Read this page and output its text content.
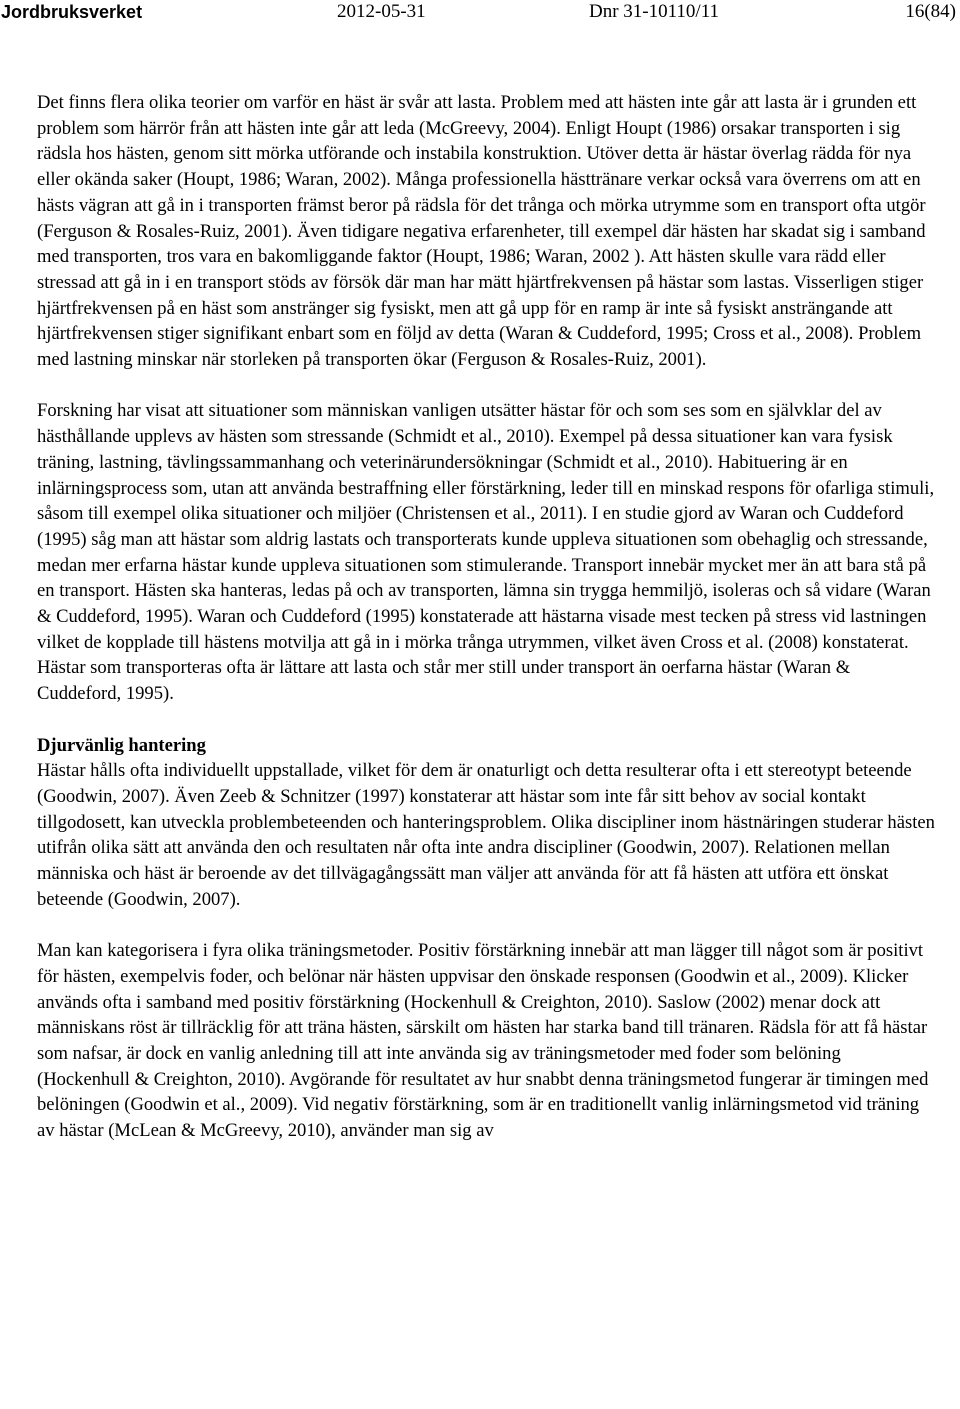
Jordbruksverket	2012-05-31	Dnr 31-10110/11	16(84)

Det finns flera olika teorier om varför en häst är svår att lasta. Problem med att hästen inte går att lasta är i grunden ett problem som härrör från att hästen inte går att leda (McGreevy, 2004). Enligt Houpt (1986) orsakar transporten i sig rädsla hos hästen, genom sitt mörka utförande och instabila konstruktion. Utöver detta är hästar överlag rädda för nya eller okända saker (Houpt, 1986; Waran, 2002). Många professionella hästtränare verkar också vara överrens om att en hästs vägran att gå in i transporten främst beror på rädsla för det trånga och mörka utrymme som en transport ofta utgör (Ferguson & Rosales-Ruiz, 2001). Även tidigare negativa erfarenheter, till exempel där hästen har skadat sig i samband med transporten, tros vara en bakomliggande faktor (Houpt, 1986; Waran, 2002 ). Att hästen skulle vara rädd eller stressad att gå in i en transport stöds av försök där man har mätt hjärtfrekvensen på hästar som lastas. Visserligen stiger hjärtfrekvensen på en häst som anstränger sig fysiskt, men att gå upp för en ramp är inte så fysiskt ansträngande att hjärtfrekvensen stiger signifikant enbart som en följd av detta (Waran & Cuddeford, 1995; Cross et al., 2008). Problem med lastning minskar när storleken på transporten ökar (Ferguson & Rosales-Ruiz, 2001).

Forskning har visat att situationer som människan vanligen utsätter hästar för och som ses som en självklar del av hästhållande upplevs av hästen som stressande (Schmidt et al., 2010). Exempel på dessa situationer kan vara fysisk träning, lastning, tävlingssammanhang och veterinärundersökningar (Schmidt et al., 2010). Habituering är en inlärningsprocess som, utan att använda bestraffning eller förstärkning, leder till en minskad respons för ofarliga stimuli, såsom till exempel olika situationer och miljöer (Christensen et al., 2011). I en studie gjord av Waran och Cuddeford (1995) såg man att hästar som aldrig lastats och transporterats kunde uppleva situationen som obehaglig och stressande, medan mer erfarna hästar kunde uppleva situationen som stimulerande. Transport innebär mycket mer än att bara stå på en transport. Hästen ska hanteras, ledas på och av transporten, lämna sin trygga hemmiljö, isoleras och så vidare (Waran & Cuddeford, 1995). Waran och Cuddeford (1995) konstaterade att hästarna visade mest tecken på stress vid lastningen vilket de kopplade till hästens motvilja att gå in i mörka trånga utrymmen, vilket även Cross et al. (2008) konstaterat. Hästar som transporteras ofta är lättare att lasta och står mer still under transport än oerfarna hästar (Waran & Cuddeford, 1995).

Djurvänlig hantering

Hästar hålls ofta individuellt uppstallade, vilket för dem är onaturligt och detta resulterar ofta i ett stereotypt beteende (Goodwin, 2007). Även Zeeb & Schnitzer (1997) konstaterar att hästar som inte får sitt behov av social kontakt tillgodosett, kan utveckla problembeteenden och hanteringsproblem. Olika discipliner inom hästnäringen studerar hästen utifrån olika sätt att använda den och resultaten når ofta inte andra discipliner (Goodwin, 2007). Relationen mellan människa och häst är beroende av det tillvägagångssätt man väljer att använda för att få hästen att utföra ett önskat beteende (Goodwin, 2007).

Man kan kategorisera i fyra olika träningsmetoder. Positiv förstärkning innebär att man lägger till något som är positivt för hästen, exempelvis foder, och belönar när hästen uppvisar den önskade responsen (Goodwin et al., 2009). Klicker används ofta i samband med positiv förstärkning (Hockenhull & Creighton, 2010). Saslow (2002) menar dock att människans röst är tillräcklig för att träna hästen, särskilt om hästen har starka band till tränaren. Rädsla för att få hästar som nafsar, är dock en vanlig anledning till att inte använda sig av träningsmetoder med foder som belöning (Hockenhull & Creighton, 2010). Avgörande för resultatet av hur snabbt denna träningsmetod fungerar är timingen med belöningen (Goodwin et al., 2009). Vid negativ förstärkning, som är en traditionellt vanlig inlärningsmetod vid träning av hästar (McLean & McGreevy, 2010), använder man sig av
